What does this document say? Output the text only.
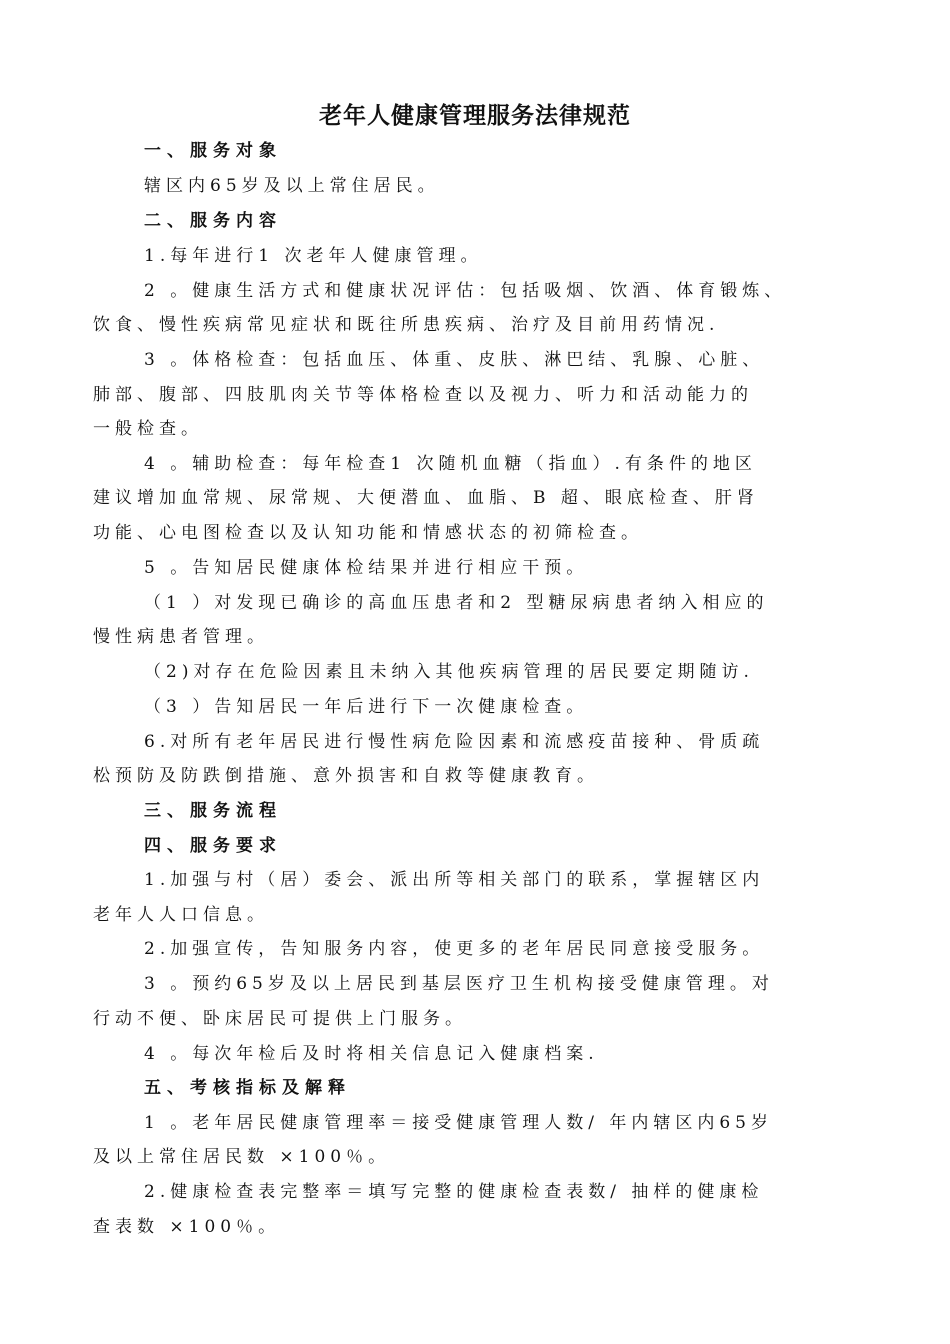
老年人健康管理服务法律规范
一、服务对象
辖区内65岁及以上常住居民。
二、服务内容
1.每年进行1 次老年人健康管理。
2 。健康生活方式和健康状况评估：包括吸烟、饮酒、体育锻炼、
饮食、慢性疾病常见症状和既往所患疾病、治疗及目前用药情况.
3 。体格检查：包括血压、体重、皮肤、淋巴结、乳腺、心脏、
肺部、腹部、四肢肌肉关节等体格检查以及视力、听力和活动能力的
一般检查。
4 。辅助检查：每年检查1 次随机血糖（指血）.有条件的地区
建议增加血常规、尿常规、大便潜血、血脂、B 超、眼底检查、肝肾
功能、心电图检查以及认知功能和情感状态的初筛检查。
5 。告知居民健康体检结果并进行相应干预。
（1 ）对发现已确诊的高血压患者和2 型糖尿病患者纳入相应的
慢性病患者管理。
（2)对存在危险因素且未纳入其他疾病管理的居民要定期随访.
（3 ）告知居民一年后进行下一次健康检查。
6.对所有老年居民进行慢性病危险因素和流感疫苗接种、骨质疏
松预防及防跌倒措施、意外损害和自救等健康教育。
三、服务流程
四、服务要求
1.加强与村（居）委会、派出所等相关部门的联系，掌握辖区内
老年人人口信息。
2.加强宣传，告知服务内容，使更多的老年居民同意接受服务。
3 。预约65岁及以上居民到基层医疗卫生机构接受健康管理。对
行动不便、卧床居民可提供上门服务。
4 。每次年检后及时将相关信息记入健康档案.
五、考核指标及解释
1 。老年居民健康管理率＝接受健康管理人数/ 年内辖区内65岁
及以上常住居民数 ×100％。
2.健康检查表完整率＝填写完整的健康检查表数/ 抽样的健康检
查表数 ×100％。
